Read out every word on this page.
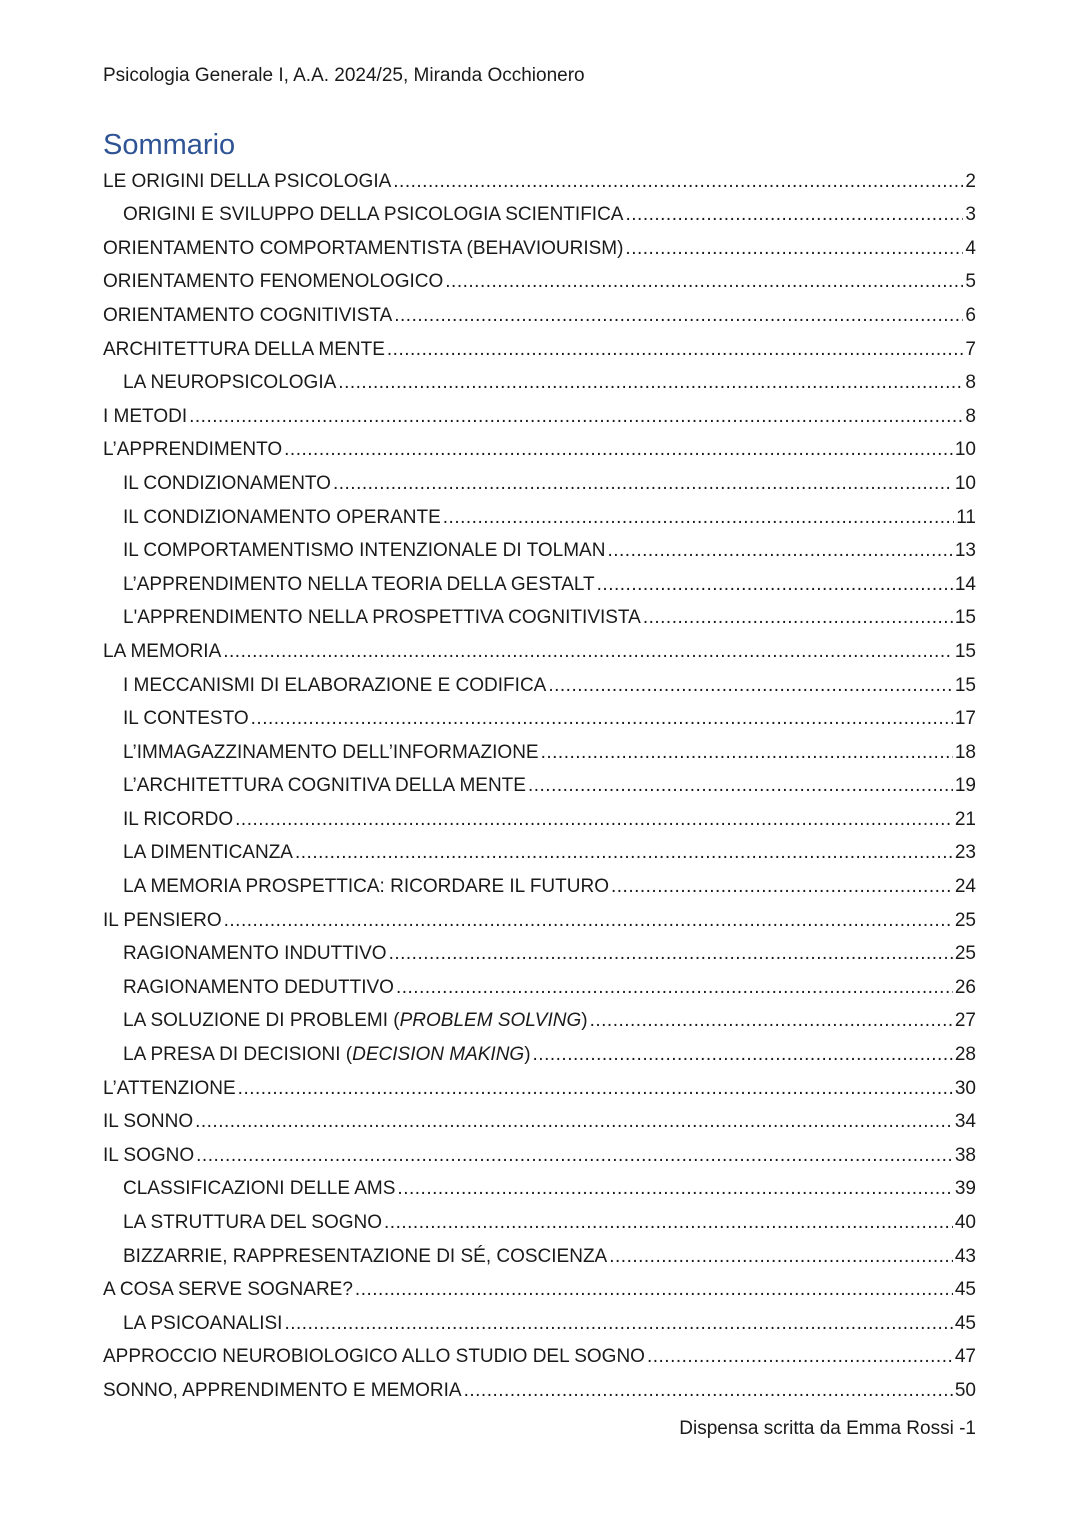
Psicologia Generale I, A.A. 2024/25, Miranda Occhionero
Sommario
LE ORIGINI DELLA PSICOLOGIA .....	2
ORIGINI E SVILUPPO DELLA PSICOLOGIA SCIENTIFICA .....	3
ORIENTAMENTO COMPORTAMENTISTA (BEHAVIOURISM) .....	4
ORIENTAMENTO FENOMENOLOGICO .....	5
ORIENTAMENTO COGNITIVISTA .....	6
ARCHITETTURA DELLA MENTE .....	7
LA NEUROPSICOLOGIA .....	8
I METODI .....	8
L’APPRENDIMENTO .....	10
IL CONDIZIONAMENTO .....	10
IL CONDIZIONAMENTO OPERANTE .....	11
IL COMPORTAMENTISMO INTENZIONALE DI TOLMAN .....	13
L’APPRENDIMENTO NELLA TEORIA DELLA GESTALT .....	14
L'APPRENDIMENTO NELLA PROSPETTIVA COGNITIVISTA .....	15
LA MEMORIA .....	15
I MECCANISMI DI ELABORAZIONE E CODIFICA .....	15
IL CONTESTO .....	17
L’IMMAGAZZINAMENTO DELL’INFORMAZIONE .....	18
L’ARCHITETTURA COGNITIVA DELLA MENTE .....	19
IL RICORDO .....	21
LA DIMENTICANZA .....	23
LA MEMORIA PROSPETTICA: RICORDARE IL FUTURO .....	24
IL PENSIERO .....	25
RAGIONAMENTO INDUTTIVO .....	25
RAGIONAMENTO DEDUTTIVO .....	26
LA SOLUZIONE DI PROBLEMI (PROBLEM SOLVING) .....	27
LA PRESA DI DECISIONI (DECISION MAKING) .....	28
L’ATTENZIONE .....	30
IL SONNO .....	34
IL SOGNO .....	38
CLASSIFICAZIONI DELLE AMS .....	39
LA STRUTTURA DEL SOGNO .....	40
BIZZARRIE, RAPPRESENTAZIONE DI SÉ, COSCIENZA .....	43
A COSA SERVE SOGNARE? .....	45
LA PSICOANALISI .....	45
APPROCCIO NEUROBIOLOGICO ALLO STUDIO DEL SOGNO .....	47
SONNO, APPRENDIMENTO E MEMORIA .....	50
Dispensa scritta da Emma Rossi -1
